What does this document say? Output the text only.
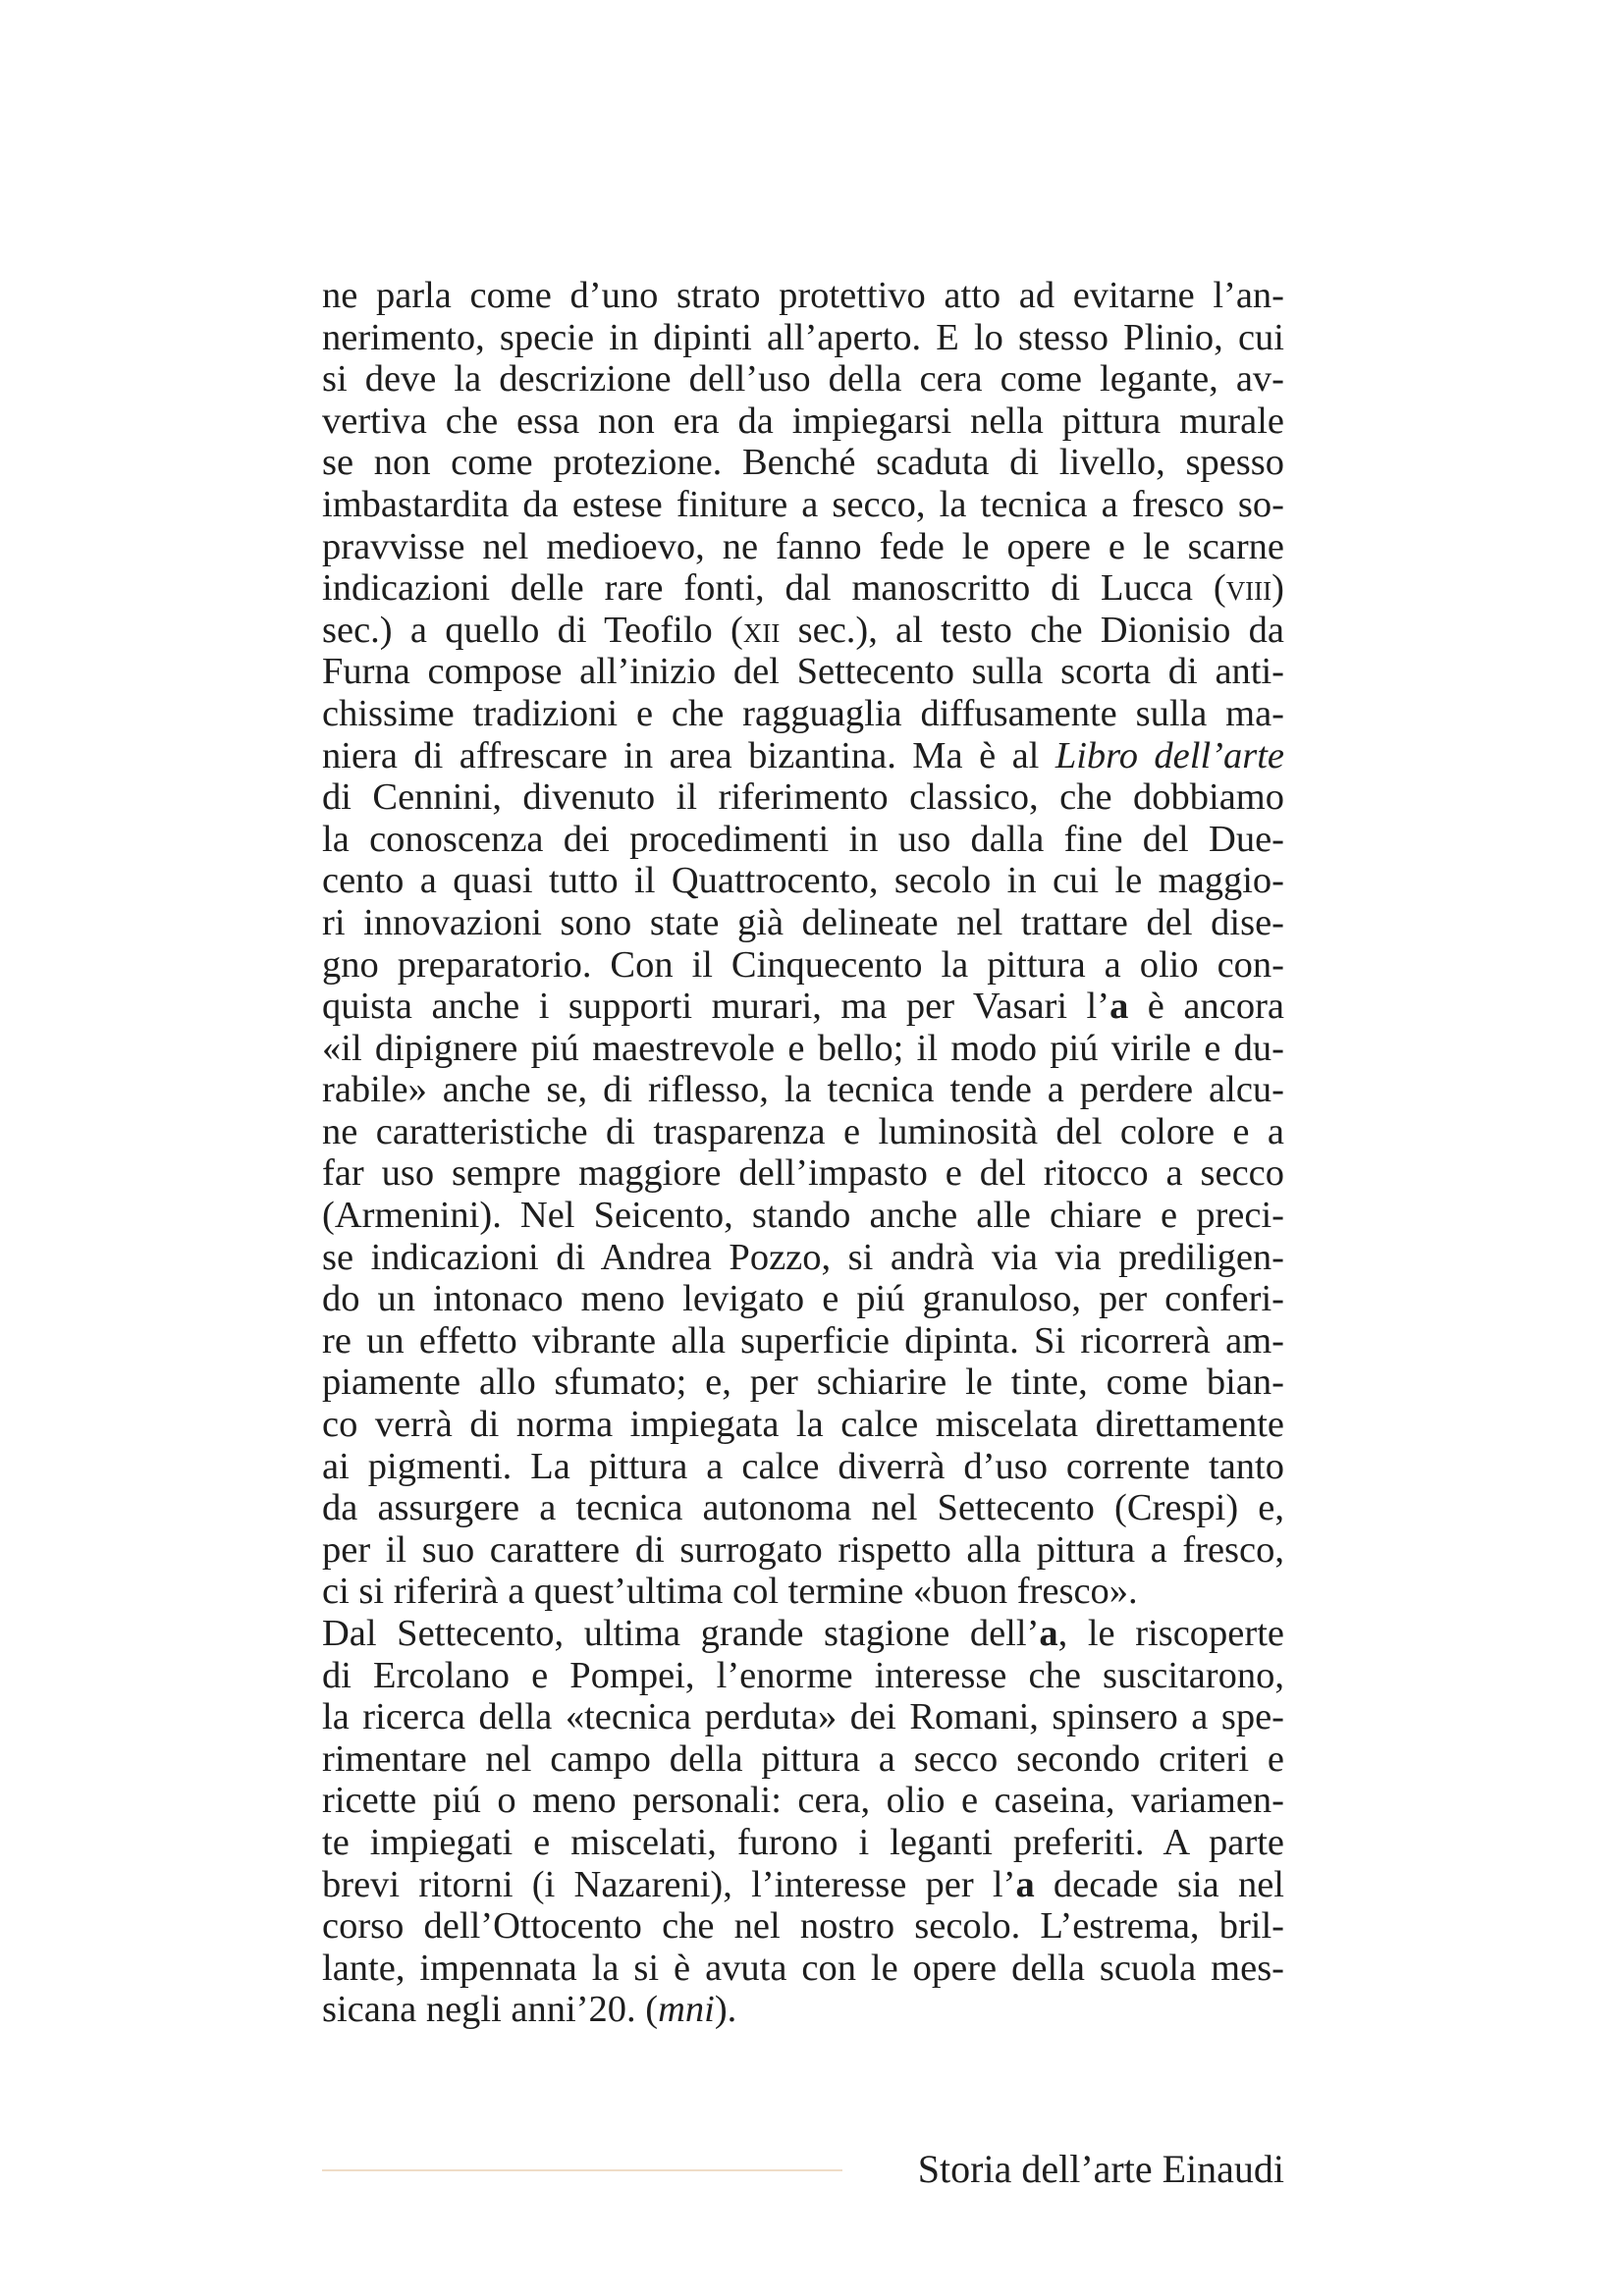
ne parla come d’uno strato protettivo atto ad evitarne l’an-
nerimento, specie in dipinti all’aperto. E lo stesso Plinio, cui
si deve la descrizione dell’uso della cera come legante, av-
vertiva che essa non era da impiegarsi nella pittura murale
se non come protezione. Benché scaduta di livello, spesso
imbastardita da estese finiture a secco, la tecnica a fresco so-
pravvisse nel medioevo, ne fanno fede le opere e le scarne
indicazioni delle rare fonti, dal manoscritto di Lucca (viii)
sec.) a quello di Teofilo (xii sec.), al testo che Dionisio da
Furna compose all’inizio del Settecento sulla scorta di anti-
chissime tradizioni e che ragguaglia diffusamente sulla ma-
niera di affrescare in area bizantina. Ma è al Libro dell’arte
di Cennini, divenuto il riferimento classico, che dobbiamo
la conoscenza dei procedimenti in uso dalla fine del Due-
cento a quasi tutto il Quattrocento, secolo in cui le maggio-
ri innovazioni sono state già delineate nel trattare del dise-
gno preparatorio. Con il Cinquecento la pittura a olio con-
quista anche i supporti murari, ma per Vasari l’a è ancora
«il dipignere piú maestrevole e bello; il modo piú virile e du-
rabile» anche se, di riflesso, la tecnica tende a perdere alcu-
ne caratteristiche di trasparenza e luminosità del colore e a
far uso sempre maggiore dell’impasto e del ritocco a secco
(Armenini). Nel Seicento, stando anche alle chiare e preci-
se indicazioni di Andrea Pozzo, si andrà via via prediligen-
do un intonaco meno levigato e piú granuloso, per conferi-
re un effetto vibrante alla superficie dipinta. Si ricorrerà am-
piamente allo sfumato; e, per schiarire le tinte, come bian-
co verrà di norma impiegata la calce miscelata direttamente
ai pigmenti. La pittura a calce diverrà d’uso corrente tanto
da assurgere a tecnica autonoma nel Settecento (Crespi) e,
per il suo carattere di surrogato rispetto alla pittura a fresco,
ci si riferirà a quest’ultima col termine «buon fresco».
Dal Settecento, ultima grande stagione dell’a, le riscoperte
di Ercolano e Pompei, l’enorme interesse che suscitarono,
la ricerca della «tecnica perduta» dei Romani, spinsero a spe-
rimentare nel campo della pittura a secco secondo criteri e
ricette piú o meno personali: cera, olio e caseina, variamen-
te impiegati e miscelati, furono i leganti preferiti. A parte
brevi ritorni (i Nazareni), l’interesse per l’a decade sia nel
corso dell’Ottocento che nel nostro secolo. L’estrema, bril-
lante, impennata la si è avuta con le opere della scuola mes-
sicana negli anni’20. (mni).
Storia dell’arte Einaudi
